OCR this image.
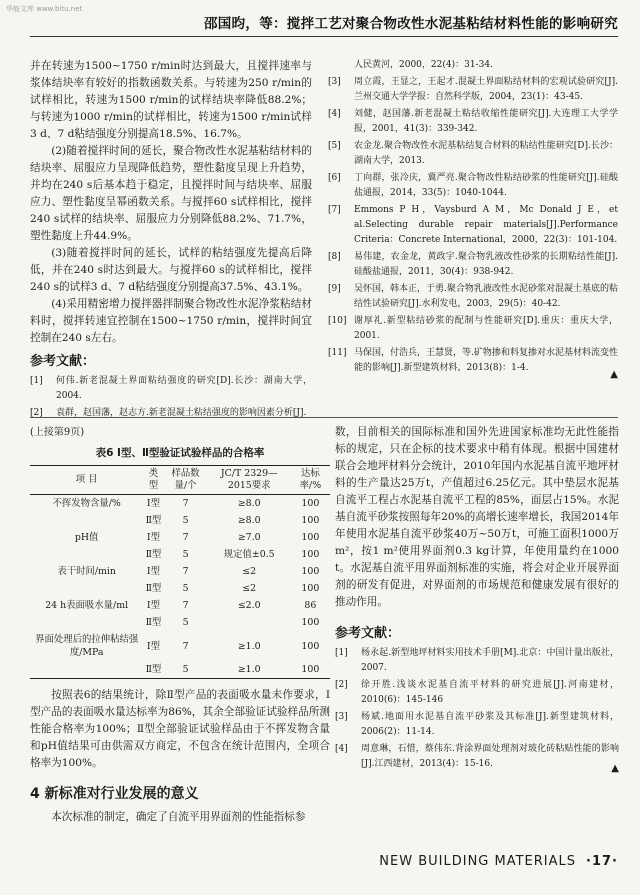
华能文库 www.bitu.net
邵国昀，等：搅拌工艺对聚合物改性水泥基粘结材料性能的影响研究

并在转速为1500~1750 r/min时达到最大，且搅拌速率与浆体结块率有较好的指数函数关系。与转速为250 r/min的试样相比，转速为1500 r/min的试样结块率降低88.2%；与转速为1000 r/min的试样相比，转速为1500 r/min试样3 d、7 d粘结强度分别提高18.5%、16.7%。

(2)随着搅拌时间的延长，聚合物改性水泥基粘结材料的结块率、屈服应力呈现降低趋势，塑性黏度呈现上升趋势，并均在240 s后基本趋于稳定，且搅拌时间与结块率、屈服应力、塑性黏度呈幂函数关系。与搅拌60 s试样相比，搅拌240 s试样的结块率、屈服应力分别降低88.2%、71.7%，塑性黏度上升44.9%。

(3)随着搅拌时间的延长，试样的粘结强度先提高后降低，并在240 s时达到最大。与搅拌60 s的试样相比，搅拌240 s的试样3 d、7 d粘结强度分别提高37.5%、43.1%。

(4)采用精密增力搅拌器拌制聚合物改性水泥净浆粘结材料时，搅拌转速宜控制在1500~1750 r/min，搅拌时间宜控制在240 s左右。

参考文献：
[1]	何伟.新老混凝土界面粘结强度的研究[D].长沙：湖南大学，2004.
[2]	袁群，赵国藩，赵志方.新老混凝土粘结强度的影响因素分析[J].
人民黄河，2000，22(4)：31-34.
[3]	周立霞，王显之，王起才.混凝土界面粘结材料的宏观试验研究[J].兰州交通大学学报：自然科学版，2004，23(1)：43-45.
[4]	刘健，赵国藩.新老混凝土粘结收缩性能研究[J].大连理工大学学报，2001，41(3)：339-342.
[5]	农金龙.聚合物改性水泥基粘结复合材料的粘结性能研究[D].长沙：湖南大学，2013.
[6]	丁向群，张冷庆，冀严亮.聚合物改性粘结砂浆的性能研究[J].硅酸盐通报，2014，33(5)：1040-1044.
[7]	Emmons P H，Vaysburd A M，Mc Donald J E，et al.Selecting durable repair materials[J].Performance Criteria：Concrete International，2000，22(3)：101-104.
[8]	易伟建，农金龙，黄政宇.聚合物乳液改性砂浆的长期粘结性能[J].硅酸盐通报，2011，30(4)：938-942.
[9]	吴怀国，韩本正，于勇.聚合物乳液改性水泥砂浆对混凝土基底的粘结性试验研究[J].水利发电，2003，29(5)：40-42.
[10] 谢厚礼.新型粘结砂浆的配制与性能研究[D].重庆：重庆大学，2001.
[11] 马保国，付浩兵，王慧贤，等.矿物掺和料复掺对水泥基材料流变性能的影响[J].新型建筑材料，2013(8)：1-4.
▲
(上接第9页)
表6 Ⅰ型、Ⅱ型验证试验样品的合格率
项 目	类型	样品数量/个	JC/T 2329—2015要求	达标率/%
不挥发物含量/%	Ⅰ型	7	≥8.0	100
	Ⅱ型	5	≥8.0	100
pH值	Ⅰ型	7	≥7.0	100
	Ⅱ型	5	规定值±0.5	100
表干时间/min	Ⅰ型	7	≤2	100
	Ⅱ型	5	≤2	100
24 h表面吸水量/ml	Ⅰ型	7	≤2.0	86
	Ⅱ型	5		100
界面处理后的拉伸粘结强度/MPa	Ⅰ型	7	≥1.0	100
	Ⅱ型	5	≥1.0	100

按照表6的结果统计，除Ⅱ型产品的表面吸水量未作要求，Ⅰ型产品的表面吸水量达标率为86%，其余全部验证试验样品所测性能合格率为100%；Ⅱ型全部验证试验样品由于不挥发物含量和pH值结果可由供需双方商定，不包含在统计范围内，全项合格率为100%。

4 新标准对行业发展的意义

本次标准的制定，确定了自流平用界面剂的性能指标参

数，目前相关的国际标准和国外先进国家标准均无此性能指标的规定，只在企标的技术要求中稍有体现。根据中国建材联合会地坪材料分会统计，2010年国内水泥基自流平地坪材料的生产量达25万t，产值超过6.25亿元。其中垫层水泥基自流平工程占水泥基自流平工程的85%，面层占15%。水泥基自流平砂浆按照每年20%的高增长速率增长，我国2014年年使用水泥基自流平砂浆40万~50万t，可施工面积1000万m²，按1 m²使用界面剂0.3 kg计算，年使用量约在1000 t。水泥基自流平用界面剂标准的实施，将会对企业开展界面剂的研发有促进，对界面剂的市场规范和健康发展有很好的推动作用。

参考文献：
[1]	杨永起.新型地坪材料实用技术手册[M].北京：中国计量出版社，2007.
[2]	徐开胜.浅谈水泥基自流平材料的研究进展[J].河南建材，2010(6)：145-146
[3]	杨斌.地面用水泥基自流平砂浆及其标准[J].新型建筑材料，2006(2)：11-14.
[4]	周意琳，石惜，蔡伟东.背涂界面处理剂对玻化砖粘贴性能的影响[J].江西建材，2013(4)：15-16.	▲
NEW BUILDING MATERIALS ·17·
